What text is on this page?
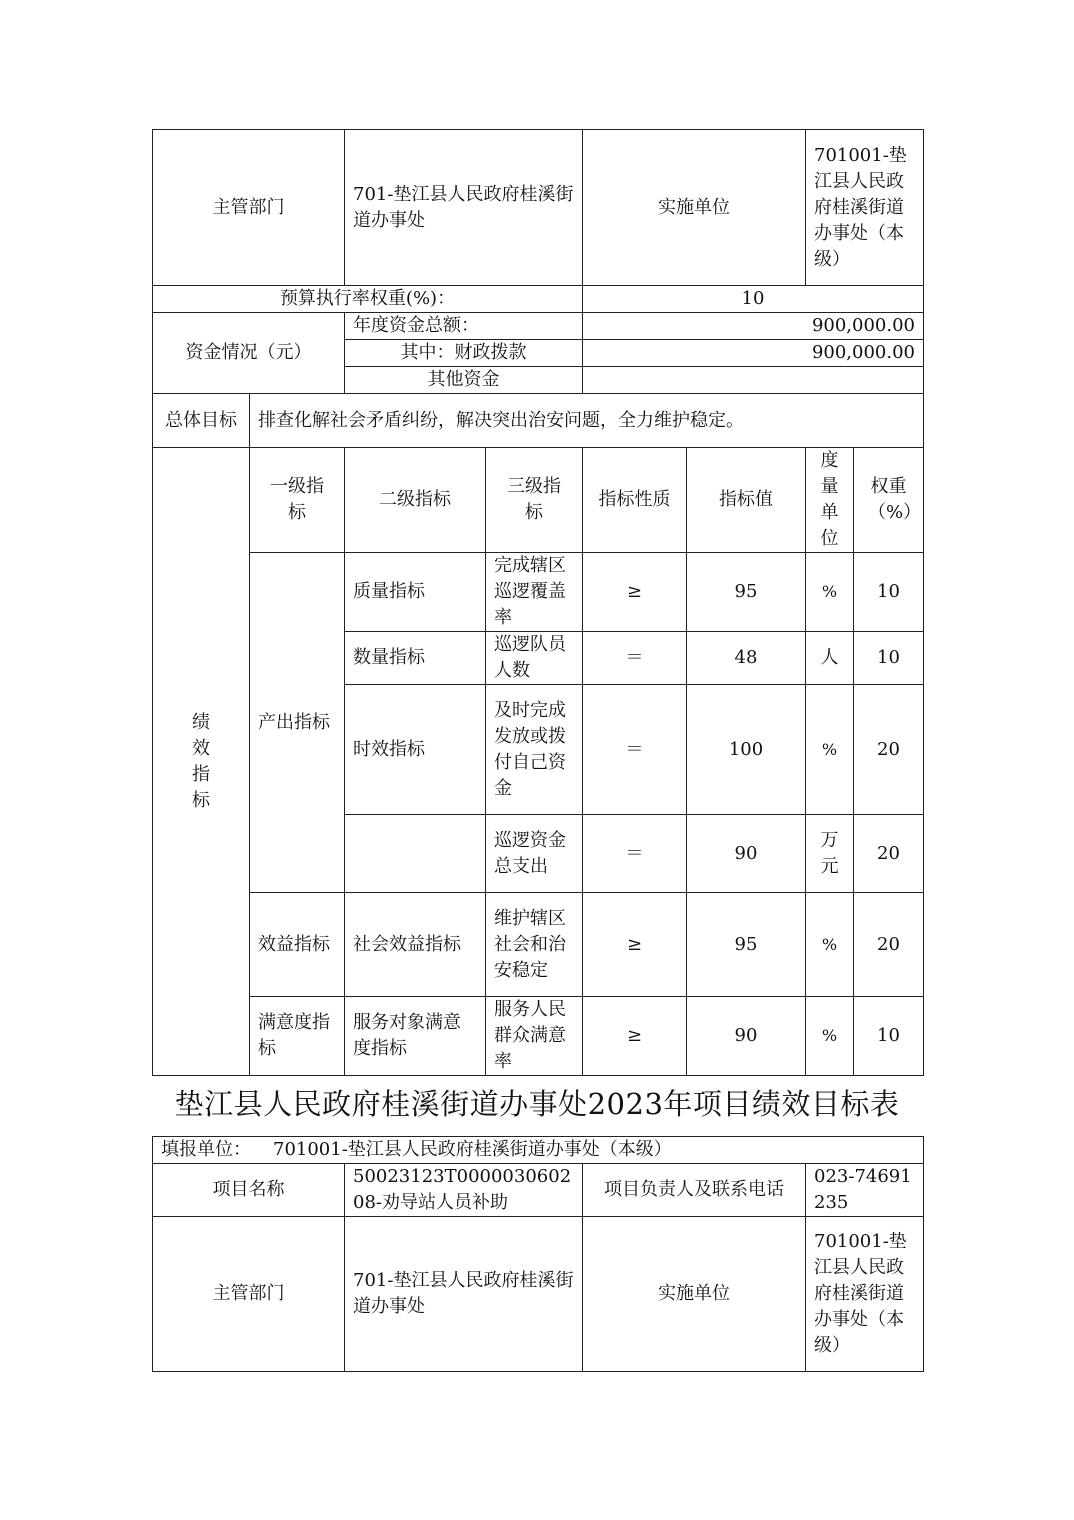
主管部门		701-垫江县人民政府桂溪街道办事处		实施单位		701001-垫江县人民政府桂溪街道办事处（本级）	
预算执行率权重(%)：				10			
资金情况（元）		年度资金总额：		900,000.00			
		其中：财政拨款		900,000.00			
		其他资金					
总体目标	排查化解社会矛盾纠纷，解决突出治安问题，全力维护稳定。						
绩效指标	一级指标	二级指标	三级指标	指标性质	指标值	度量单位	权重（%）
	产出指标	质量指标	完成辖区巡逻覆盖率	≥	95	%	10
		数量指标	巡逻队员人数	＝	48	人	10
		时效指标	及时完成发放或拨付自己资金	＝	100	%	20
			巡逻资金总支出	＝	90	万元	20
	效益指标	社会效益指标	维护辖区社会和治安稳定	≥	95	%	20
	满意度指标	服务对象满意度指标	服务人民群众满意率	≥	90	%	10
垫江县人民政府桂溪街道办事处2023年项目绩效目标表
填报单位： 701001-垫江县人民政府桂溪街道办事处（本级）			
项目名称	50023123T000003060208-劝导站人员补助	项目负责人及联系电话	023-74691235
主管部门	701-垫江县人民政府桂溪街道办事处	实施单位	701001-垫江县人民政府桂溪街道办事处（本级）
